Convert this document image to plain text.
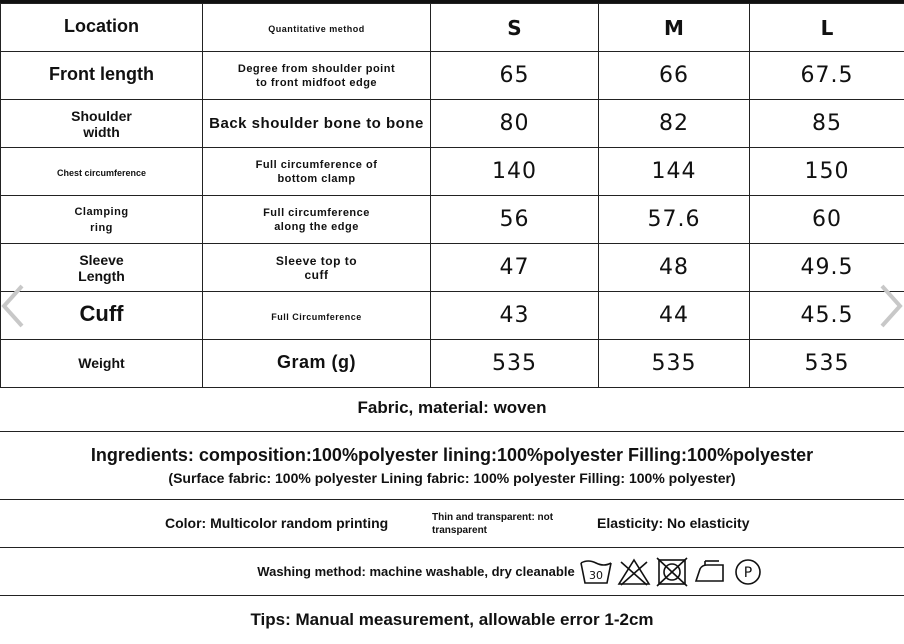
Location	Quantitative method	S	M	L
Front length	Degree from shoulder point to front midfoot edge	65	66	67.5

Shoulder width	Back shoulder bone to bone	80	82	85
Chest circumference	Full circumference of bottom clamp	140	144	150

Clamping ring	Full circumference along the edge	56	57.6	60

Sleeve Length	Sleeve top to cuff	47	48	49.5
Cuff	Full Circumference	43	44	45.5
Weight	Gram (g)	535	535	535
Fabric, material: woven
Ingredients: composition:100%polyester lining:100%polyester Filling:100%polyester
(Surface fabric: 100% polyester Lining fabric: 100% polyester Filling: 100% polyester)
Color: Multicolor random printing	Thin and transparent: not transparent	Elasticity: No elasticity
Washing method: machine washable, dry cleanable 30	P
Tips: Manual measurement, allowable error 1-2cm
